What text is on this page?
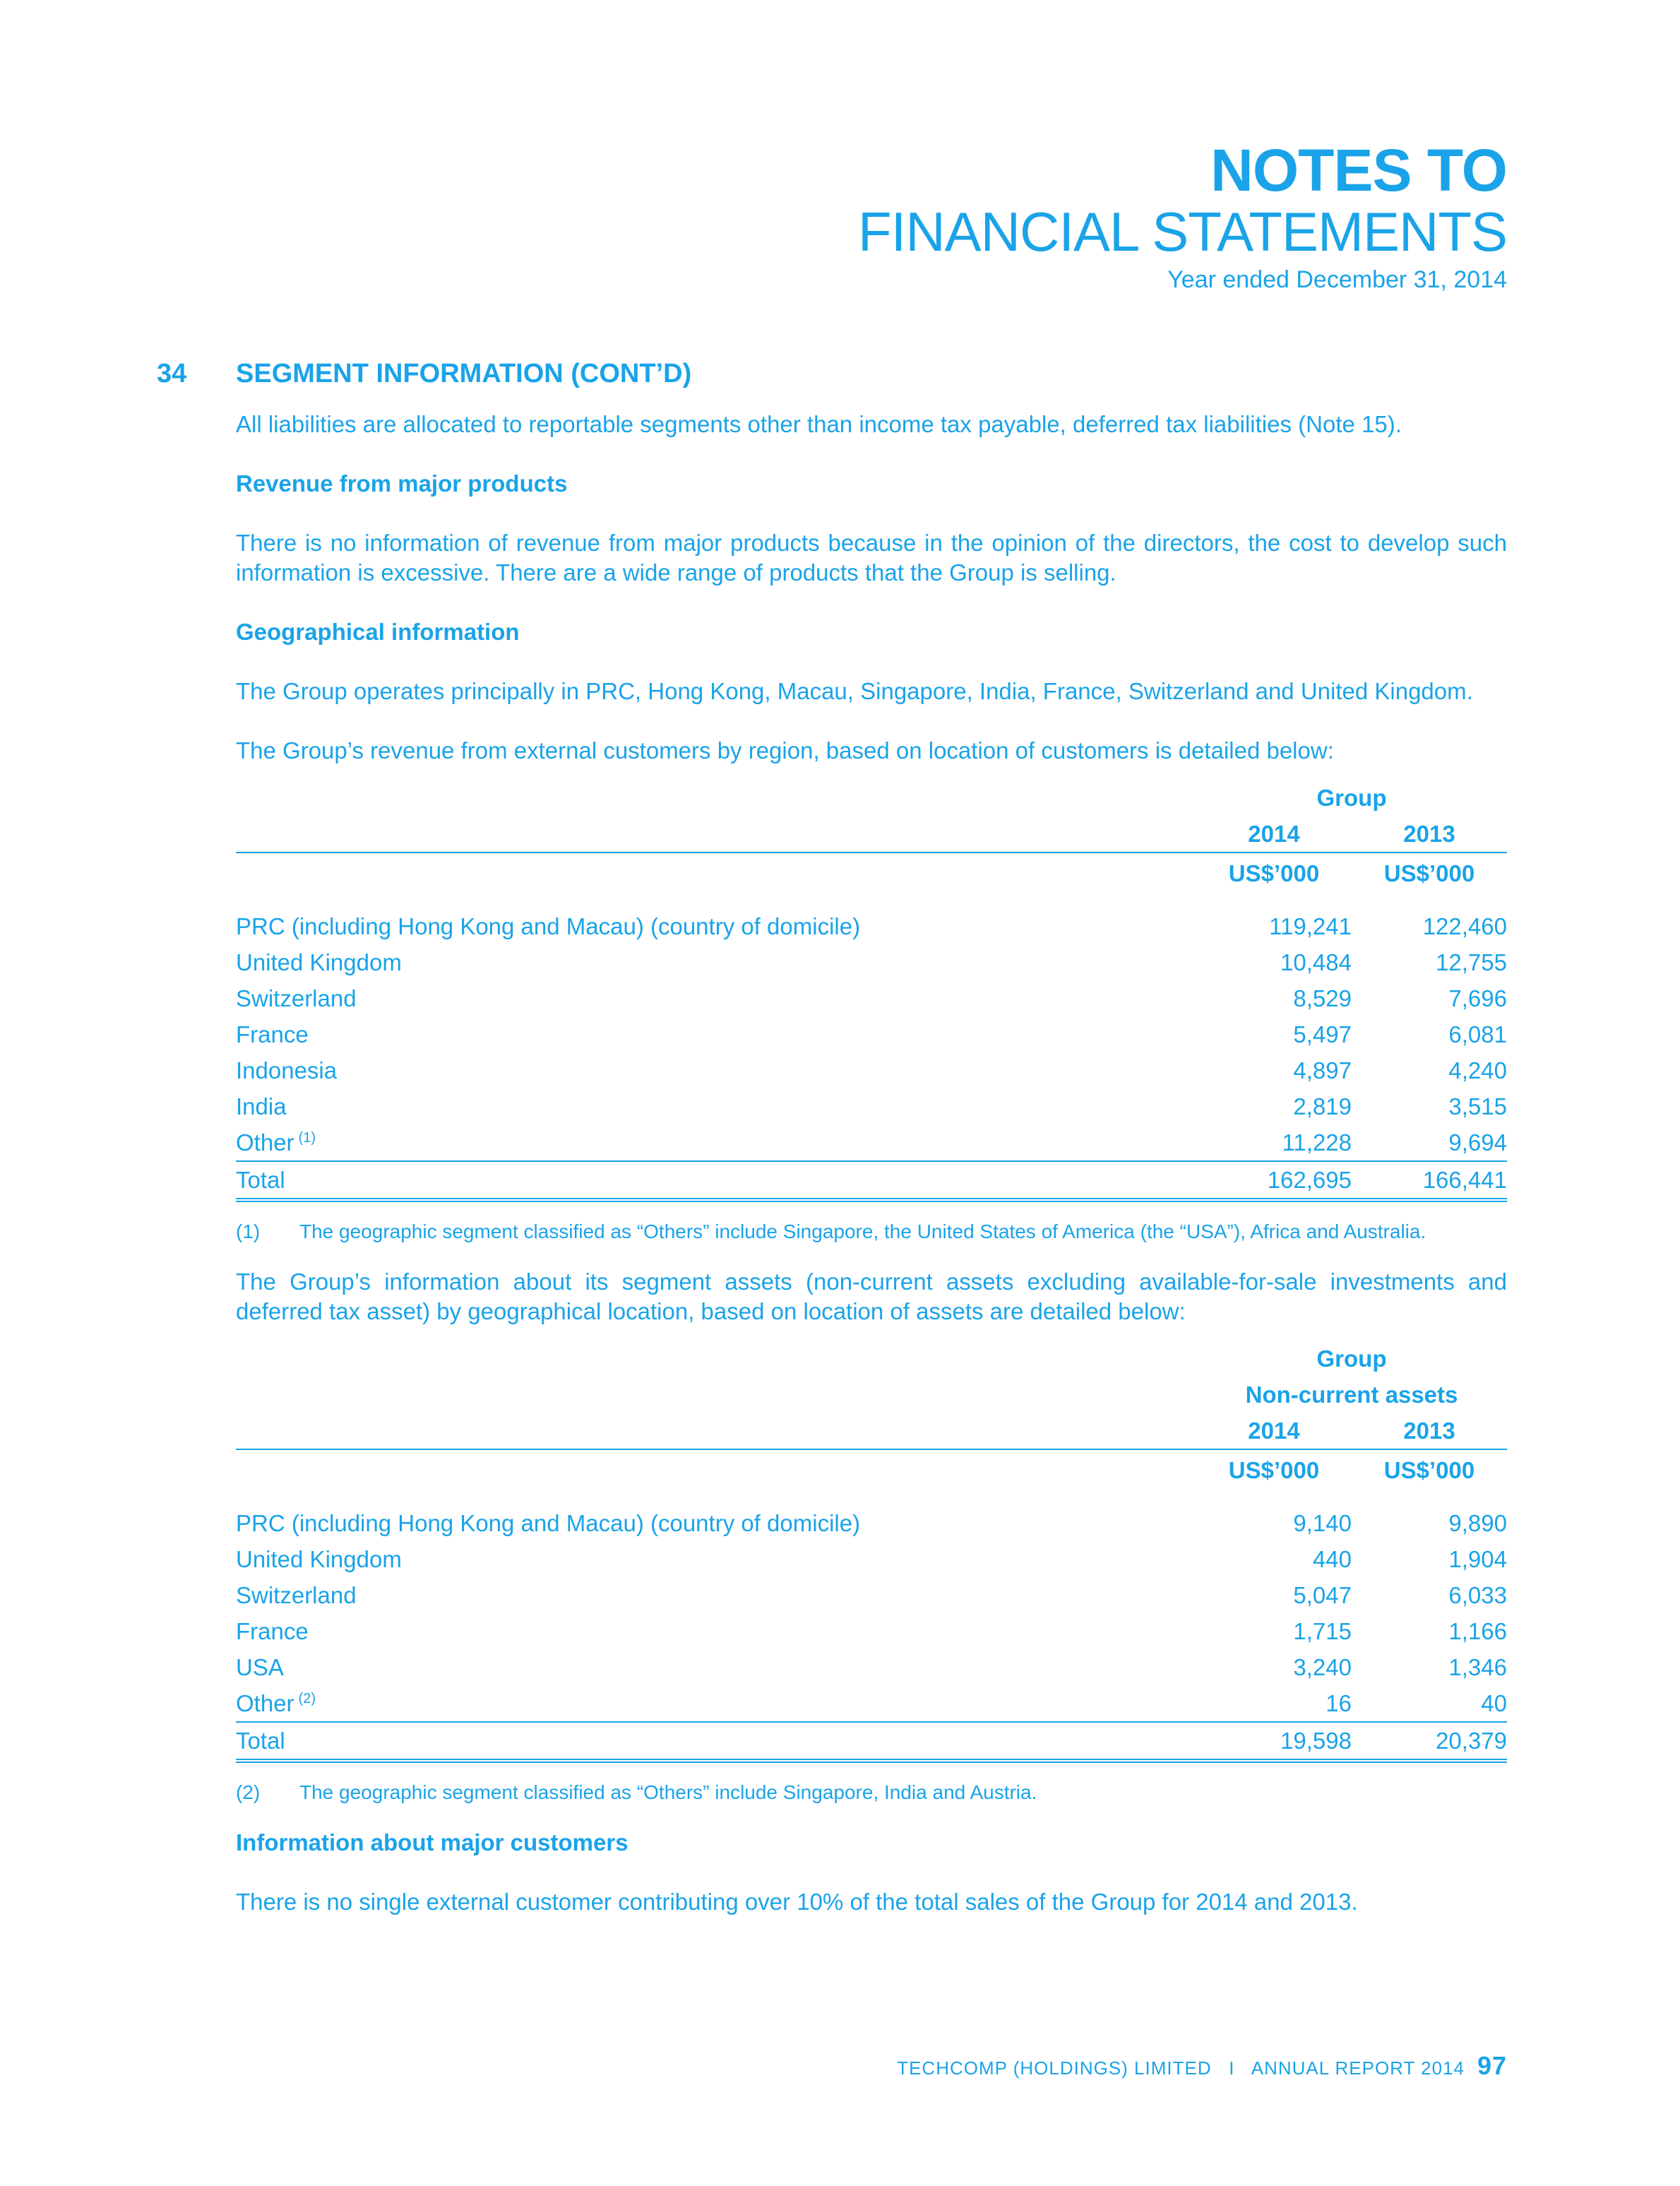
NOTES TO
FINANCIAL STATEMENTS
Year ended December 31, 2014
34 SEGMENT INFORMATION (CONT’D)

All liabilities are allocated to reportable segments other than income tax payable, deferred tax liabilities (Note 15).

Revenue from major products

There is no information of revenue from major products because in the opinion of the directors, the cost to develop such information is excessive. There are a wide range of products that the Group is selling.

Geographical information

The Group operates principally in PRC, Hong Kong, Macau, Singapore, India, France, Switzerland and United Kingdom.

The Group’s revenue from external customers by region, based on location of customers is detailed below:

	Group	
	2014	2013
	US$’000	US$’000

PRC (including Hong Kong and Macau) (country of domicile)	119,241	122,460
United Kingdom	10,484	12,755
Switzerland	8,529	7,696
France	5,497	6,081
Indonesia	4,897	4,240
India	2,819	3,515
Other $^{(1)}$	11,228	9,694
Total	162,695	166,441
(1)	The geographic segment classified as “Others” include Singapore, the United States of America (the “USA”), Africa and Australia.

The Group’s information about its segment assets (non-current assets excluding available-for-sale investments and deferred tax asset) by geographical location, based on location of assets are detailed below:

	Group	
	Non-current assets	
	2014	2013
	US$’000	US$’000

PRC (including Hong Kong and Macau) (country of domicile)	9,140	9,890
United Kingdom	440	1,904
Switzerland	5,047	6,033
France	1,715	1,166
USA	3,240	1,346
Other $^{(2)}$	16	40
Total	19,598	20,379
(2)	The geographic segment classified as “Others” include Singapore, India and Austria.

Information about major customers

There is no single external customer contributing over 10% of the total sales of the Group for 2014 and 2013.

TECHCOMP (HOLDINGS) LIMITED   I   ANNUAL REPORT 2014 97
